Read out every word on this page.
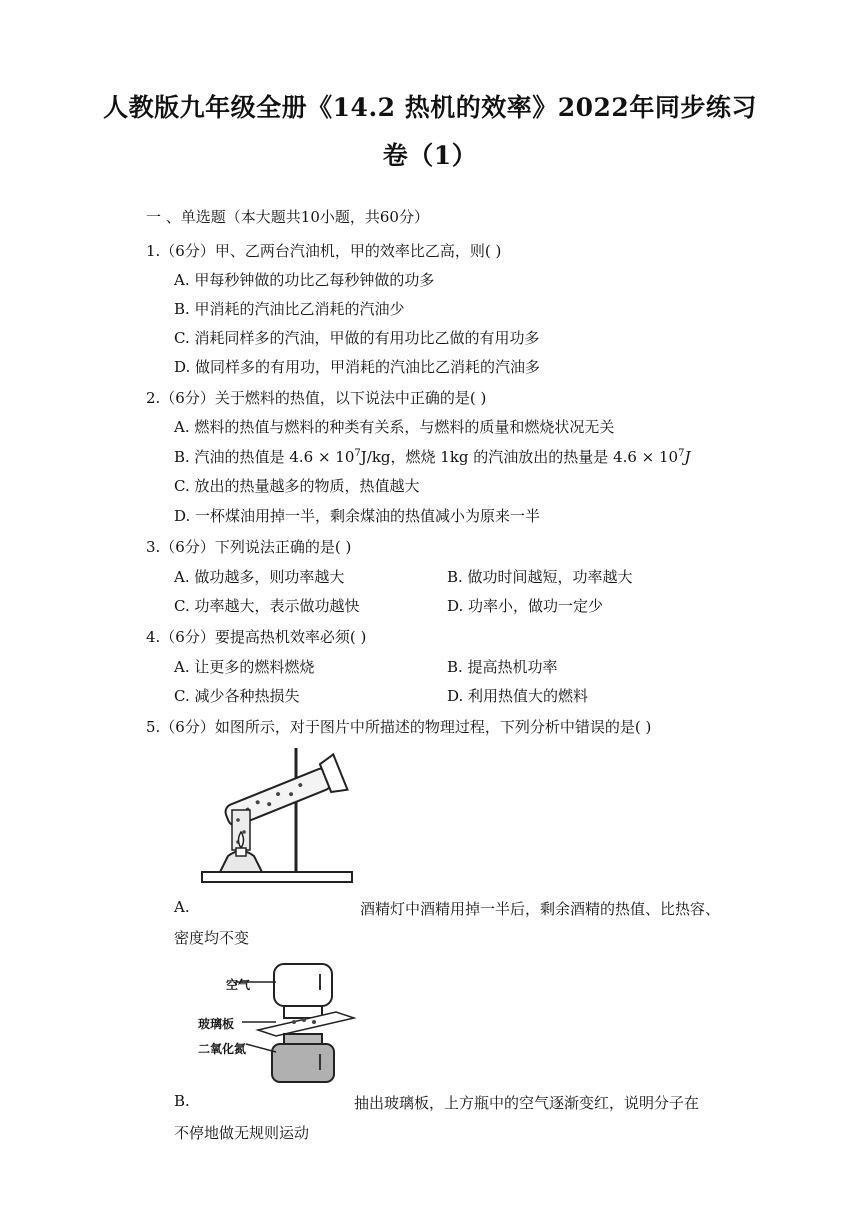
人教版九年级全册《14.2 热机的效率》2022年同步练习
卷（1）
一 、单选题（本大题共10小题，共60分）
1.（6分）甲、乙两台汽油机，甲的效率比乙高，则( )
A. 甲每秒钟做的功比乙每秒钟做的功多
B. 甲消耗的汽油比乙消耗的汽油少
C. 消耗同样多的汽油，甲做的有用功比乙做的有用功多
D. 做同样多的有用功，甲消耗的汽油比乙消耗的汽油多
2.（6分）关于燃料的热值，以下说法中正确的是( )
A. 燃料的热值与燃料的种类有关系，与燃料的质量和燃烧状况无关
B. 汽油的热值是 $4.6 \times 10^7J/kg$，燃烧 1kg 的汽油放出的热量是 $4.6 \times 10^7J$
C. 放出的热量越多的物质，热值越大
D. 一杯煤油用掉一半，剩余煤油的热值减小为原来一半
3.（6分）下列说法正确的是( )
A. 做功越多，则功率越大	B. 做功时间越短，功率越大
C. 功率越大，表示做功越快	D. 功率小，做功一定少
4.（6分）要提高热机效率必须( )
A. 让更多的燃料燃烧	B. 提高热机功率
C. 减少各种热损失	D. 利用热值大的燃料
5.（6分）如图所示，对于图片中所描述的物理过程，下列分析中错误的是( )
A.	酒精灯中酒精用掉一半后，剩余酒精的热值、比热容、
密度均不变
空气
玻璃板
二氧化氮
B.	抽出玻璃板，上方瓶中的空气逐渐变红，说明分子在
不停地做无规则运动
